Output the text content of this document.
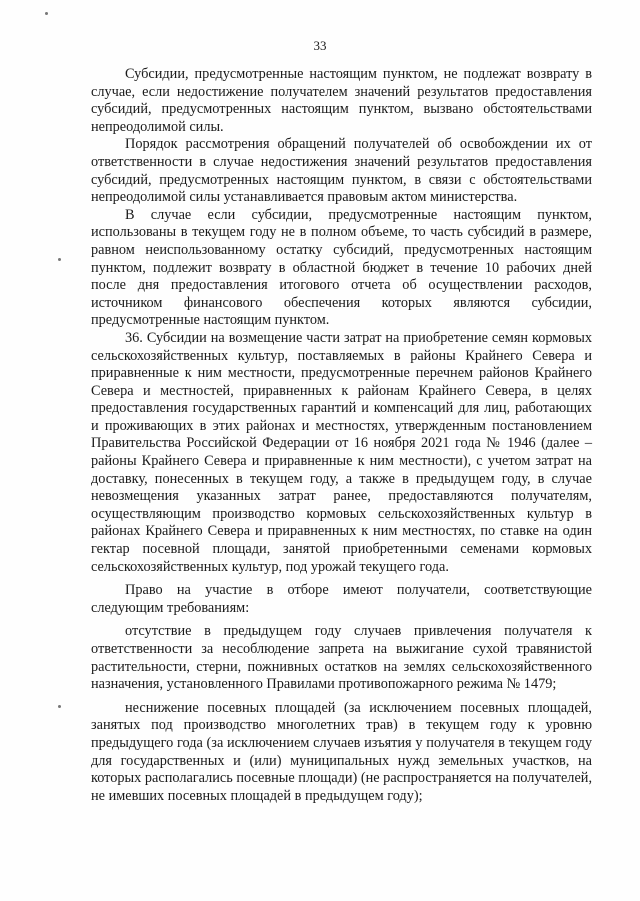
33

Субсидии, предусмотренные настоящим пунктом, не подлежат возврату в случае, если недостижение получателем значений результатов предоставления субсидий, предусмотренных настоящим пунктом, вызвано обстоятельствами непреодолимой силы.

Порядок рассмотрения обращений получателей об освобождении их от ответственности в случае недостижения значений результатов предоставления субсидий, предусмотренных настоящим пунктом, в связи с обстоятельствами непреодолимой силы устанавливается правовым актом министерства.

В случае если субсидии, предусмотренные настоящим пунктом, использованы в текущем году не в полном объеме, то часть субсидий в размере, равном неиспользованному остатку субсидий, предусмотренных настоящим пунктом, подлежит возврату в областной бюджет в течение 10 рабочих дней после дня предоставления итогового отчета об осуществлении расходов, источником финансового обеспечения которых являются субсидии, предусмотренные настоящим пунктом.

36. Субсидии на возмещение части затрат на приобретение семян кормовых сельскохозяйственных культур, поставляемых в районы Крайнего Севера и приравненные к ним местности, предусмотренные перечнем районов Крайнего Севера и местностей, приравненных к районам Крайнего Севера, в целях предоставления государственных гарантий и компенсаций для лиц, работающих и проживающих в этих районах и местностях, утвержденным постановлением Правительства Российской Федерации от 16 ноября 2021 года № 1946 (далее – районы Крайнего Севера и приравненные к ним местности), с учетом затрат на доставку, понесенных в текущем году, а также в предыдущем году, в случае невозмещения указанных затрат ранее, предоставляются получателям, осуществляющим производство кормовых сельскохозяйственных культур в районах Крайнего Севера и приравненных к ним местностях, по ставке на один гектар посевной площади, занятой приобретенными семенами кормовых сельскохозяйственных культур, под урожай текущего года.

Право на участие в отборе имеют получатели, соответствующие следующим требованиям:

отсутствие в предыдущем году случаев привлечения получателя к ответственности за несоблюдение запрета на выжигание сухой травянистой растительности, стерни, пожнивных остатков на землях сельскохозяйственного назначения, установленного Правилами противопожарного режима № 1479;

неснижение посевных площадей (за исключением посевных площадей, занятых под производство многолетних трав) в текущем году к уровню предыдущего года (за исключением случаев изъятия у получателя в текущем году для государственных и (или) муниципальных нужд земельных участков, на которых располагались посевные площади) (не распространяется на получателей, не имевших посевных площадей в предыдущем году);
